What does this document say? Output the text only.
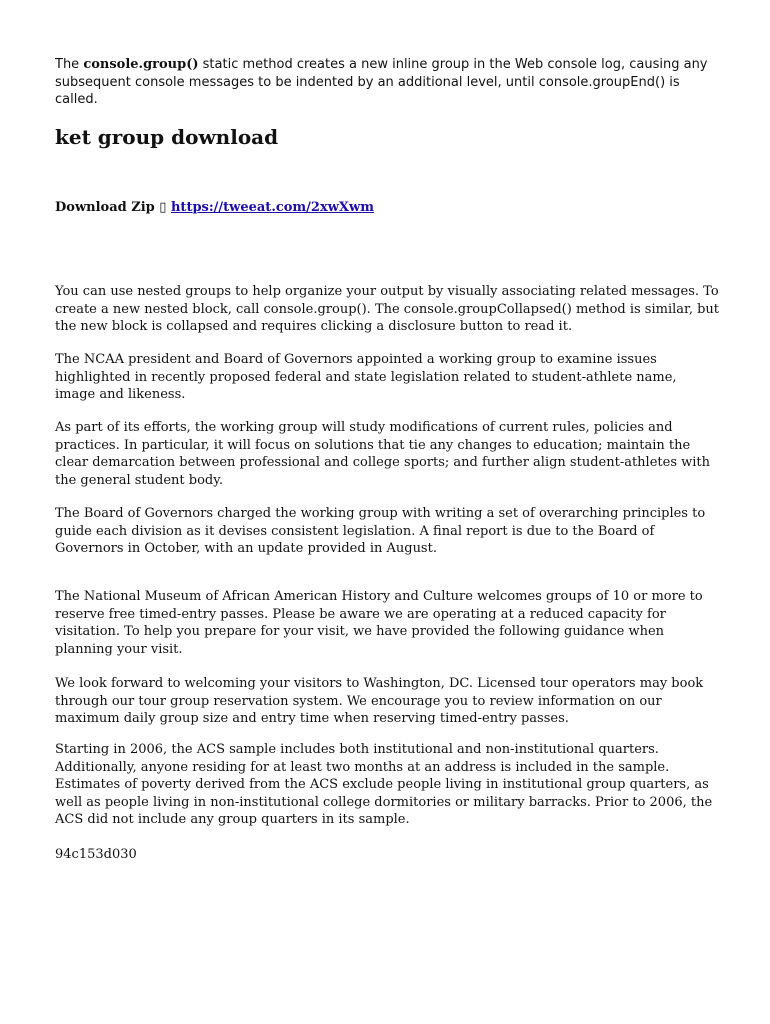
The console.group() static method creates a new inline group in the Web console log, causing any subsequent console messages to be indented by an additional level, until console.groupEnd() is called.

ket group download

Download Zip ▯ https://tweeat.com/2xwXwm

You can use nested groups to help organize your output by visually associating related messages. To create a new nested block, call console.group(). The console.groupCollapsed() method is similar, but the new block is collapsed and requires clicking a disclosure button to read it.

The NCAA president and Board of Governors appointed a working group to examine issues highlighted in recently proposed federal and state legislation related to student-athlete name, image and likeness.

As part of its efforts, the working group will study modifications of current rules, policies and practices. In particular, it will focus on solutions that tie any changes to education; maintain the clear demarcation between professional and college sports; and further align student-athletes with the general student body.

The Board of Governors charged the working group with writing a set of overarching principles to guide each division as it devises consistent legislation. A final report is due to the Board of Governors in October, with an update provided in August.

The National Museum of African American History and Culture welcomes groups of 10 or more to reserve free timed-entry passes. Please be aware we are operating at a reduced capacity for visitation. To help you prepare for your visit, we have provided the following guidance when planning your visit.

We look forward to welcoming your visitors to Washington, DC. Licensed tour operators may book through our tour group reservation system. We encourage you to review information on our maximum daily group size and entry time when reserving timed-entry passes.

Starting in 2006, the ACS sample includes both institutional and non-institutional quarters. Additionally, anyone residing for at least two months at an address is included in the sample. Estimates of poverty derived from the ACS exclude people living in institutional group quarters, as well as people living in non-institutional college dormitories or military barracks. Prior to 2006, the ACS did not include any group quarters in its sample.

94c153d030
